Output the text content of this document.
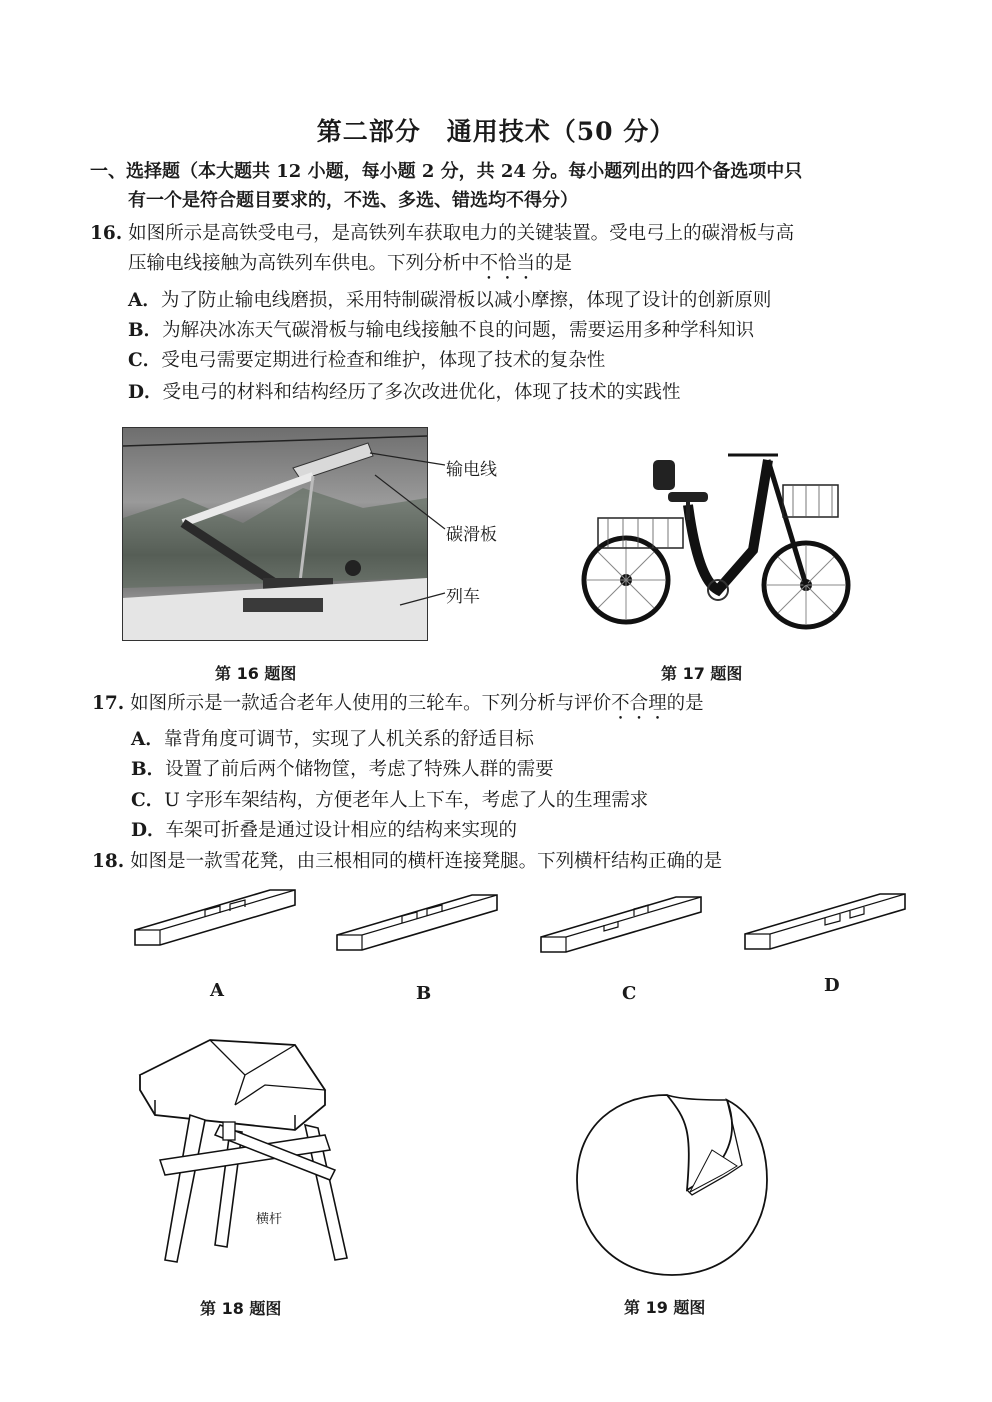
第二部分　通用技术（50 分）
一、选择题（本大题共 12 小题，每小题 2 分，共 24 分。每小题列出的四个备选项中只
有一个是符合题目要求的，不选、多选、错选均不得分）
16. 如图所示是高铁受电弓，是高铁列车获取电力的关键装置。受电弓上的碳滑板与高
压输电线接触为高铁列车供电。下列分析中不恰当的是
A．为了防止输电线磨损，采用特制碳滑板以减小摩擦，体现了设计的创新原则
B．为解决冰冻天气碳滑板与输电线接触不良的问题，需要运用多种学科知识
C．受电弓需要定期进行检查和维护，体现了技术的复杂性
D．受电弓的材料和结构经历了多次改进优化，体现了技术的实践性
输电线
碳滑板
列车
第 16 题图	第 17 题图
17. 如图所示是一款适合老年人使用的三轮车。下列分析与评价不合理的是
A．靠背角度可调节，实现了人机关系的舒适目标
B．设置了前后两个储物筐，考虑了特殊人群的需要
C．U 字形车架结构，方便老年人上下车，考虑了人的生理需求
D．车架可折叠是通过设计相应的结构来实现的
18. 如图是一款雪花凳，由三根相同的横杆连接凳腿。下列横杆结构正确的是
A	B	C	D
横杆
第 18 题图	第 19 题图
